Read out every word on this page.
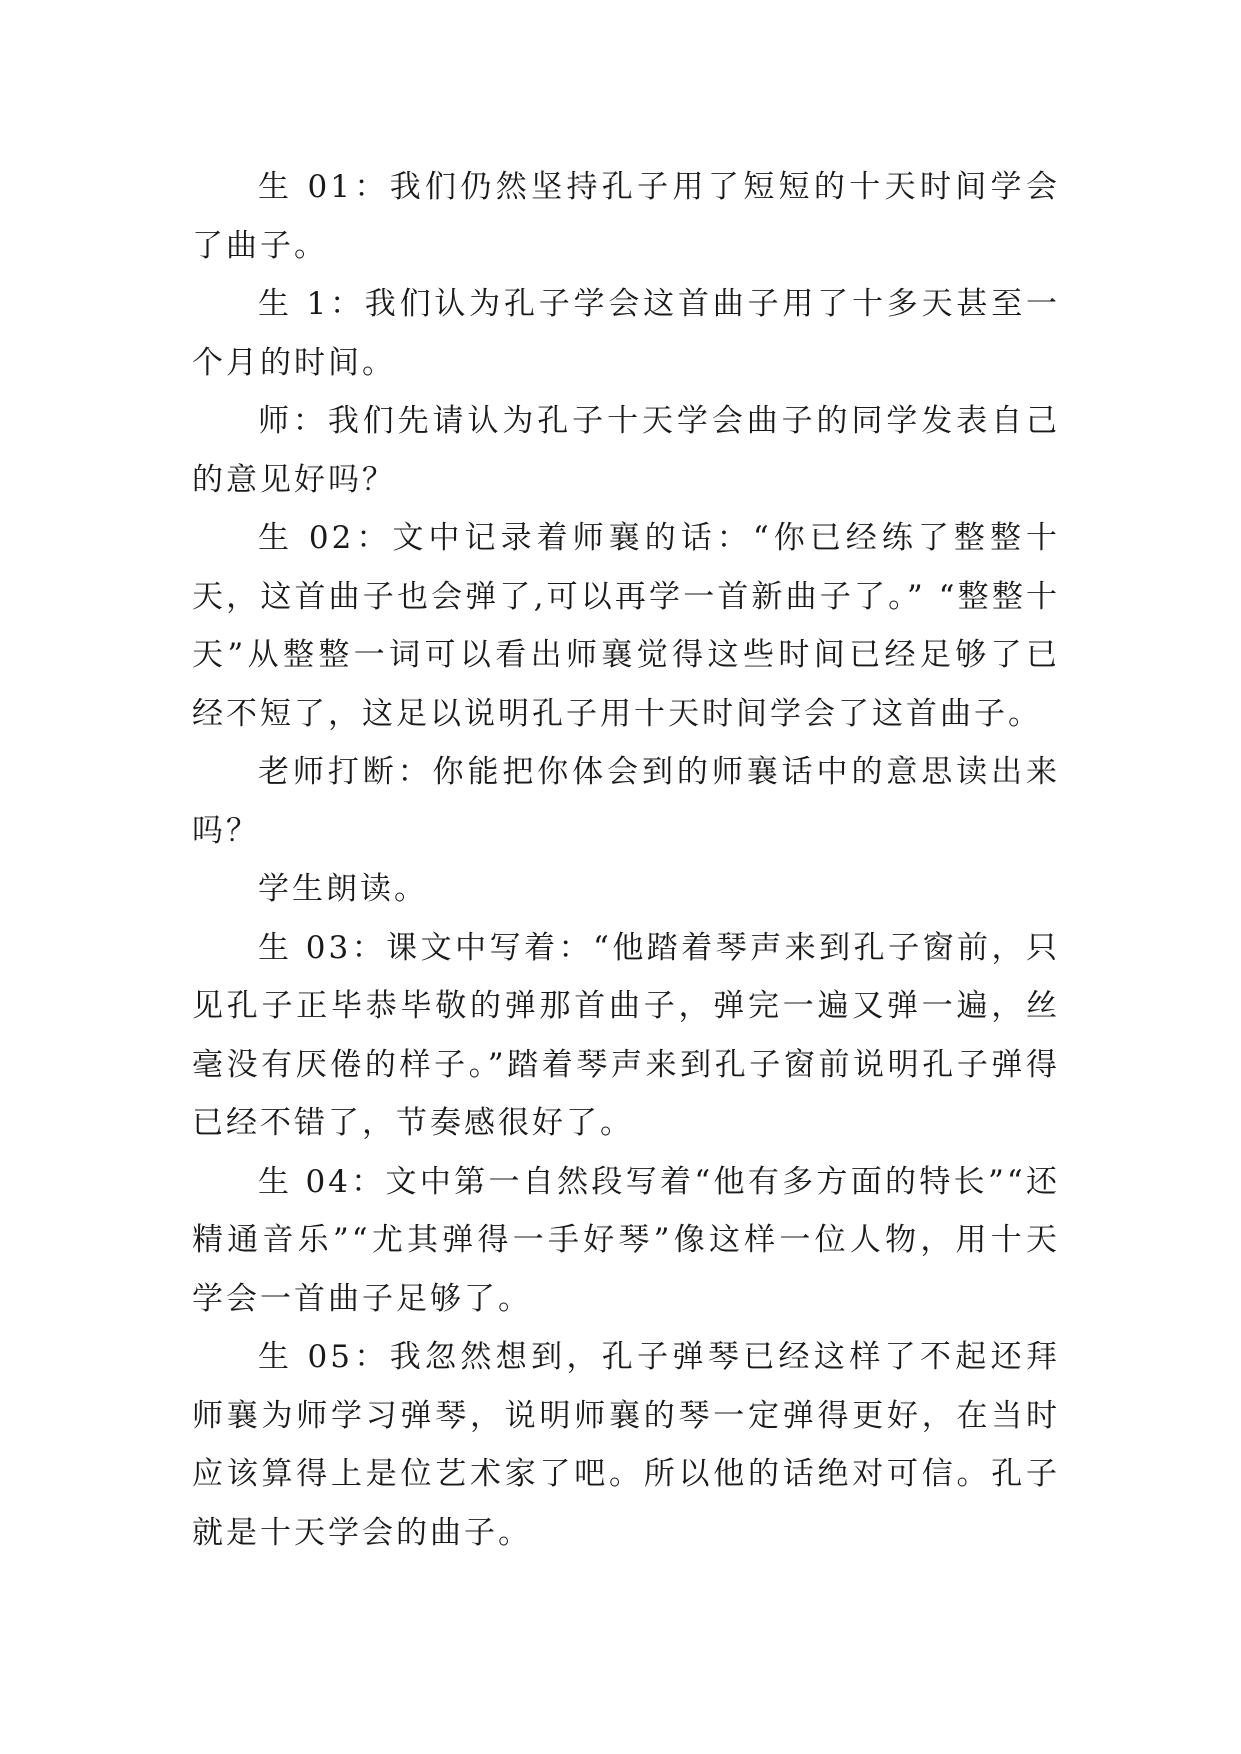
生 01：我们仍然坚持孔子用了短短的十天时间学会了曲子。

生 1：我们认为孔子学会这首曲子用了十多天甚至一个月的时间。

师：我们先请认为孔子十天学会曲子的同学发表自己的意见好吗？

生 02：文中记录着师襄的话：“你已经练了整整十天，这首曲子也会弹了,可以再学一首新曲子了。” “整整十天”从整整一词可以看出师襄觉得这些时间已经足够了已经不短了，这足以说明孔子用十天时间学会了这首曲子。

老师打断：你能把你体会到的师襄话中的意思读出来吗？

学生朗读。

生 03：课文中写着：“他踏着琴声来到孔子窗前，只见孔子正毕恭毕敬的弹那首曲子，弹完一遍又弹一遍，丝毫没有厌倦的样子。”踏着琴声来到孔子窗前说明孔子弹得已经不错了，节奏感很好了。

生 04：文中第一自然段写着“他有多方面的特长”“还精通音乐”“尤其弹得一手好琴”像这样一位人物，用十天学会一首曲子足够了。

生 05：我忽然想到，孔子弹琴已经这样了不起还拜师襄为师学习弹琴，说明师襄的琴一定弹得更好，在当时应该算得上是位艺术家了吧。所以他的话绝对可信。孔子就是十天学会的曲子。
